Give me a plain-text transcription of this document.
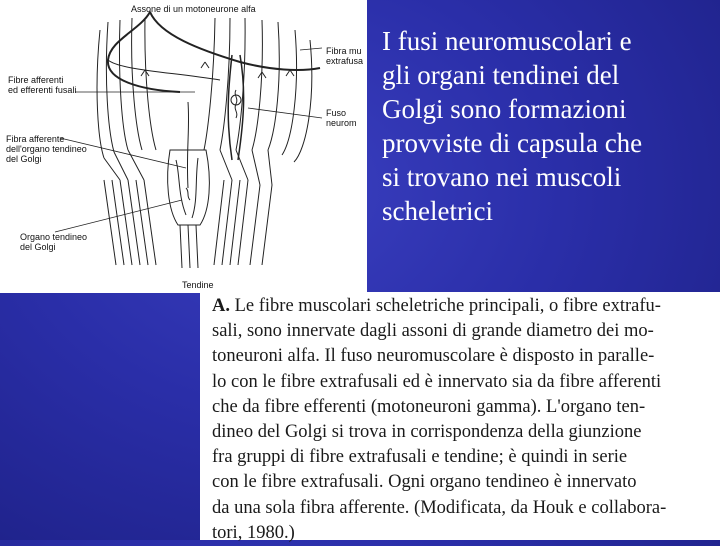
Assone di un motoneurone alfa
Fibra mu
extrafusa
Fibre afferenti
ed efferenti fusali
Fuso
neurom
Fibra afferente
dell'organo tendineo
del Golgi
Organo tendineo
del Golgi
Tendine
I fusi neuromuscolari e
gli organi tendinei del
Golgi sono formazioni
provviste di capsula che
si trovano nei muscoli
scheletrici
A. Le fibre muscolari scheletriche principali, o fibre extrafu-
sali, sono innervate dagli assoni di grande diametro dei mo-
toneuroni alfa. Il fuso neuromuscolare è disposto in paralle-
lo con le fibre extrafusali ed è innervato sia da fibre afferenti
che da fibre efferenti (motoneuroni gamma). L'organo ten-
dineo del Golgi si trova in corrispondenza della giunzione
fra gruppi di fibre extrafusali e tendine; è quindi in serie
con le fibre extrafusali. Ogni organo tendineo è innervato
da una sola fibra afferente. (Modificata, da Houk e collabora-
tori, 1980.)
